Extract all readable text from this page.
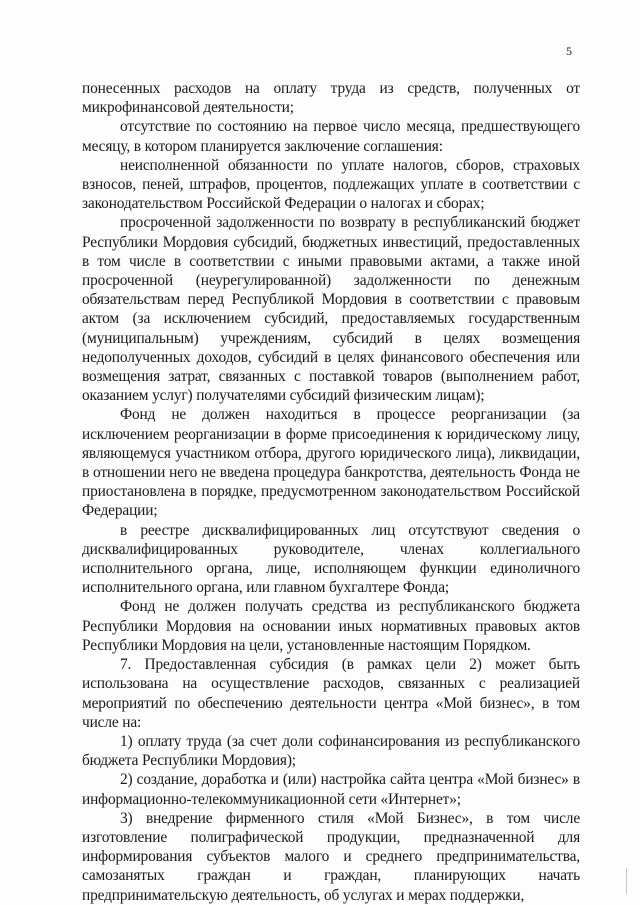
5

понесенных расходов на оплату труда из средств, полученных от микрофинансовой деятельности;

отсутствие по состоянию на первое число месяца, предшествующего месяцу, в котором планируется заключение соглашения:

неисполненной обязанности по уплате налогов, сборов, страховых взносов, пеней, штрафов, процентов, подлежащих уплате в соответствии с законодательством Российской Федерации о налогах и сборах;

просроченной задолженности по возврату в республиканский бюджет Республики Мордовия субсидий, бюджетных инвестиций, предоставленных в том числе в соответствии с иными правовыми актами, а также иной просроченной (неурегулированной) задолженности по денежным обязательствам перед Республикой Мордовия в соответствии с правовым актом (за исключением субсидий, предоставляемых государственным (муниципальным) учреждениям, субсидий в целях возмещения недополученных доходов, субсидий в целях финансового обеспечения или возмещения затрат, связанных с поставкой товаров (выполнением работ, оказанием услуг) получателями субсидий физическим лицам);

Фонд не должен находиться в процессе реорганизации (за исключением реорганизации в форме присоединения к юридическому лицу, являющемуся участником отбора, другого юридического лица), ликвидации, в отношении него не введена процедура банкротства, деятельность Фонда не приостановлена в порядке, предусмотренном законодательством Российской Федерации;

в реестре дисквалифицированных лиц отсутствуют сведения о дисквалифицированных руководителе, членах коллегиального исполнительного органа, лице, исполняющем функции единоличного исполнительного органа, или главном бухгалтере Фонда;

Фонд не должен получать средства из республиканского бюджета Республики Мордовия на основании иных нормативных правовых актов Республики Мордовия на цели, установленные настоящим Порядком.

7. Предоставленная субсидия (в рамках цели 2) может быть использована на осуществление расходов, связанных с реализацией мероприятий по обеспечению деятельности центра «Мой бизнес», в том числе на:

1) оплату труда (за счет доли софинансирования из республиканского бюджета Республики Мордовия);

2) создание, доработка и (или) настройка сайта центра «Мой бизнес» в информационно-телекоммуникационной сети «Интернет»;

3) внедрение фирменного стиля «Мой Бизнес», в том числе изготовление полиграфической продукции, предназначенной для информирования субъектов малого и среднего предпринимательства, самозанятых граждан и граждан, планирующих начать предпринимательскую деятельность, об услугах и мерах поддержки,
